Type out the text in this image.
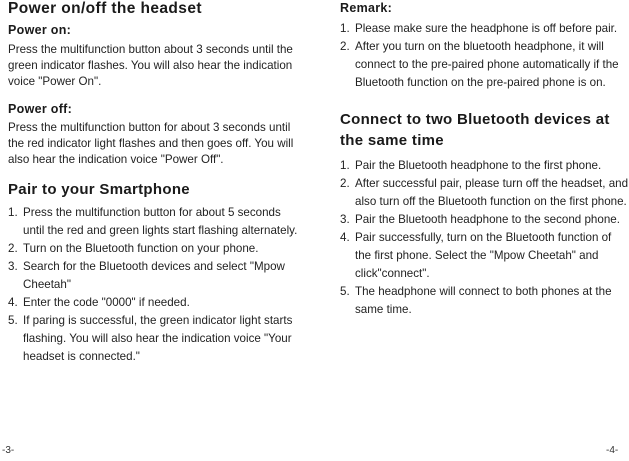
Power on/off the headset
Power on:

Press the multifunction button about 3 seconds until the green indicator flashes. You will also hear the indication voice "Power On".

Power off:

Press the multifunction button for about 3 seconds until the red indicator light flashes and then goes off. You will also hear the indication voice "Power Off".

Pair to your Smartphone
1. Press the multifunction button for about 5 seconds until the red and green lights start flashing alternately.
2. Turn on the Bluetooth function on your phone.
3. Search for the Bluetooth devices and select "Mpow Cheetah"
4. Enter the code "0000" if needed.
5. If paring is successful, the green indicator light starts flashing. You will also hear the indication voice "Your headset is connected."
Remark:
1. Please make sure the headphone is off before pair.
2. After you turn on the bluetooth headphone, it will connect to the pre-paired phone automatically if the Bluetooth function on the pre-paired phone is on.
Connect to two Bluetooth devices at the same time
1. Pair the Bluetooth headphone to the first phone.
2. After successful pair, please turn off the headset, and also turn off the Bluetooth function on the first phone.
3. Pair the Bluetooth headphone to the second phone.
4. Pair successfully, turn on the Bluetooth function of the first phone. Select the "Mpow Cheetah" and click"connect".
5. The headphone will connect to both phones at the same time.
-3-	-4-
